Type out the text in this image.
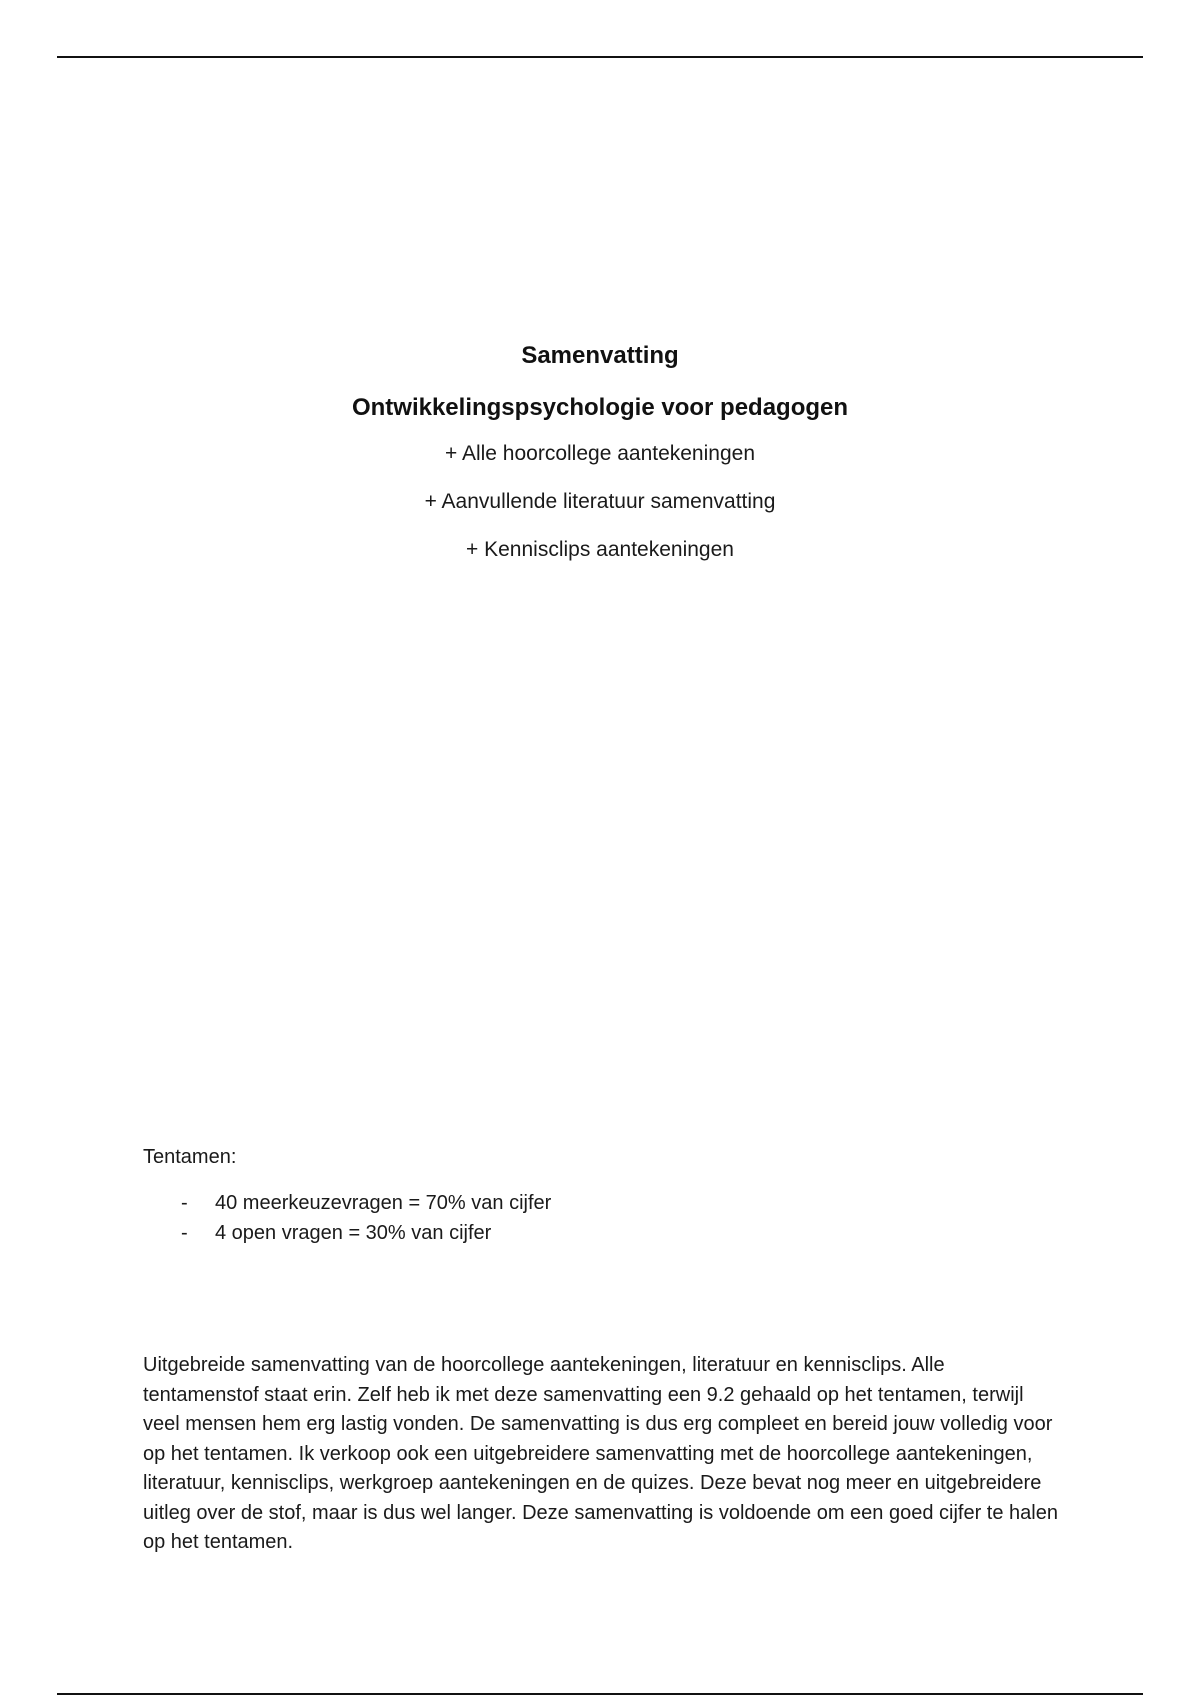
Samenvatting
Ontwikkelingspsychologie voor pedagogen
+ Alle hoorcollege aantekeningen
+ Aanvullende literatuur samenvatting
+ Kennisclips aantekeningen

Tentamen:

-	40 meerkeuzevragen = 70% van cijfer
-	4 open vragen = 30% van cijfer

Uitgebreide samenvatting van de hoorcollege aantekeningen, literatuur en kennisclips. Alle tentamenstof staat erin. Zelf heb ik met deze samenvatting een 9.2 gehaald op het tentamen, terwijl veel mensen hem erg lastig vonden. De samenvatting is dus erg compleet en bereid jouw volledig voor op het tentamen. Ik verkoop ook een uitgebreidere samenvatting met de hoorcollege aantekeningen, literatuur, kennisclips, werkgroep aantekeningen en de quizes. Deze bevat nog meer en uitgebreidere uitleg over de stof, maar is dus wel langer. Deze samenvatting is voldoende om een goed cijfer te halen op het tentamen.
